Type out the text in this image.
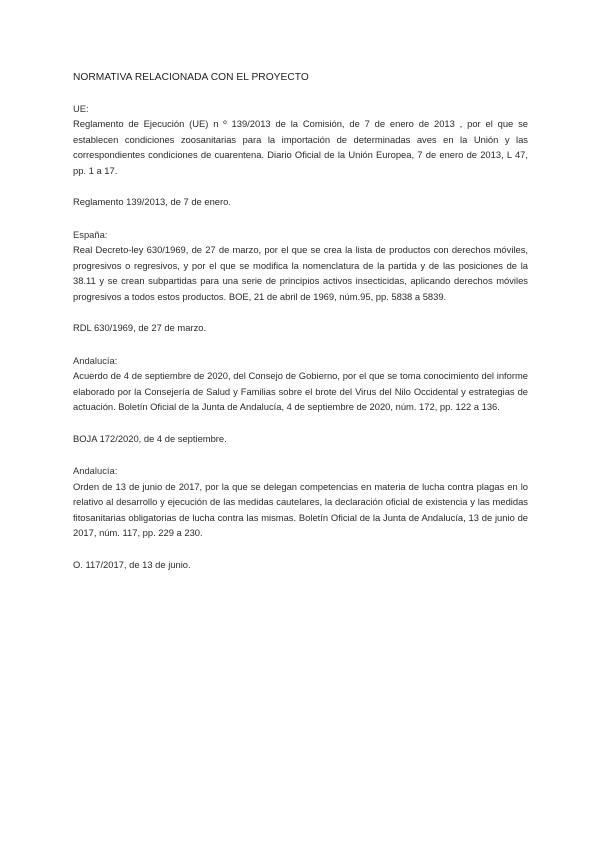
NORMATIVA RELACIONADA CON EL PROYECTO
UE:
Reglamento de Ejecución (UE) n º 139/2013 de la Comisión, de 7 de enero de 2013 , por el que se establecen condiciones zoosanitarias para la importación de determinadas aves en la Unión y las correspondientes condiciones de cuarentena. Diario Oficial de la Unión Europea, 7 de enero de 2013, L 47, pp. 1 a 17.
Reglamento 139/2013, de 7 de enero.
España:
Real Decreto-ley 630/1969, de 27 de marzo, por el que se crea la lista de productos con derechos móviles, progresivos o regresivos, y por el que se modifica la nomenclatura de la partida y de las posiciones de la 38.11 y se crean subpartidas para una serie de principios activos insecticidas, aplicando derechos móviles progresivos a todos estos productos. BOE, 21 de abril de 1969, núm.95, pp. 5838 a 5839.
RDL 630/1969, de 27 de marzo.
Andalucía:
Acuerdo de 4 de septiembre de 2020, del Consejo de Gobierno, por el que se toma conocimiento del informe elaborado por la Consejería de Salud y Familias sobre el brote del Virus del Nilo Occidental y estrategias de actuación. Boletín Oficial de la Junta de Andalucía, 4 de septiembre de 2020, núm. 172, pp. 122 a 136.
BOJA 172/2020, de 4 de septiembre.
Andalucía:
Orden de 13 de junio de 2017, por la que se delegan competencias en materia de lucha contra plagas en lo relativo al desarrollo y ejecución de las medidas cautelares, la declaración oficial de existencia y las medidas fitosanitarias obligatorias de lucha contra las mismas. Boletín Oficial de la Junta de Andalucía, 13 de junio de 2017, núm. 117, pp. 229 a 230.
O. 117/2017, de 13 de junio.
